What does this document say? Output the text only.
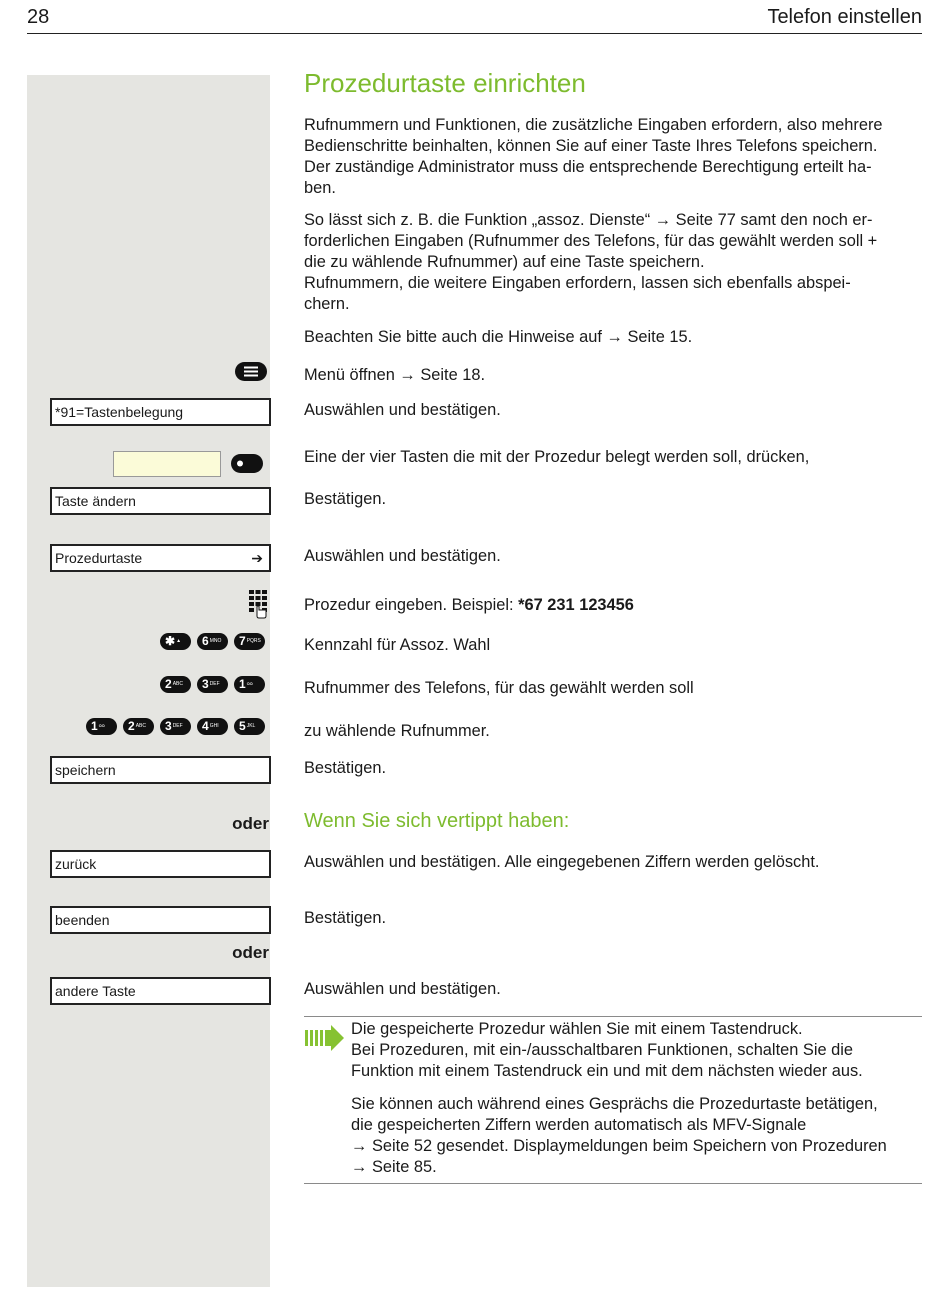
28	Telefon einstellen
Prozedurtaste einrichten
Rufnummern und Funktionen, die zusätzliche Eingaben erfordern, also mehrere
Bedienschritte beinhalten, können Sie auf einer Taste Ihres Telefons speichern.
Der zuständige Administrator muss die entsprechende Berechtigung erteilt ha-
ben.
So lässt sich z. B. die Funktion „assoz. Dienste“ → Seite 77 samt den noch er-
forderlichen Eingaben (Rufnummer des Telefons, für das gewählt werden soll +
die zu wählende Rufnummer) auf eine Taste speichern.
Rufnummern, die weitere Eingaben erfordern, lassen sich ebenfalls abspei-
chern.
Beachten Sie bitte auch die Hinweise auf → Seite 15.
Menü öffnen → Seite 18.
*91=Tastenbelegung	Auswählen und bestätigen.
Eine der vier Tasten die mit der Prozedur belegt werden soll, drücken,
Taste ändern	Bestätigen.
Prozedurtaste	➔	Auswählen und bestätigen.
Prozedur eingeben. Beispiel: *67 231 123456
✱▲	6MNO	7PQRS	Kennzahl für Assoz. Wahl
2ABC	3DEF	1ᴑᴑ	Rufnummer des Telefons, für das gewählt werden soll
1ᴑᴑ	2ABC	3DEF	4GHI	5JKL	zu wählende Rufnummer.
speichern	Bestätigen.
oder Wenn Sie sich vertippt haben:
zurück	Auswählen und bestätigen. Alle eingegebenen Ziffern werden gelöscht.
beenden	Bestätigen.
oder
andere Taste	Auswählen und bestätigen.
Die gespeicherte Prozedur wählen Sie mit einem Tastendruck.
Bei Prozeduren, mit ein-/ausschaltbaren Funktionen, schalten Sie die
Funktion mit einem Tastendruck ein und mit dem nächsten wieder aus.
Sie können auch während eines Gesprächs die Prozedurtaste betätigen,
die gespeicherten Ziffern werden automatisch als MFV-Signale
→ Seite 52 gesendet. Displaymeldungen beim Speichern von Prozeduren
→ Seite 85.
